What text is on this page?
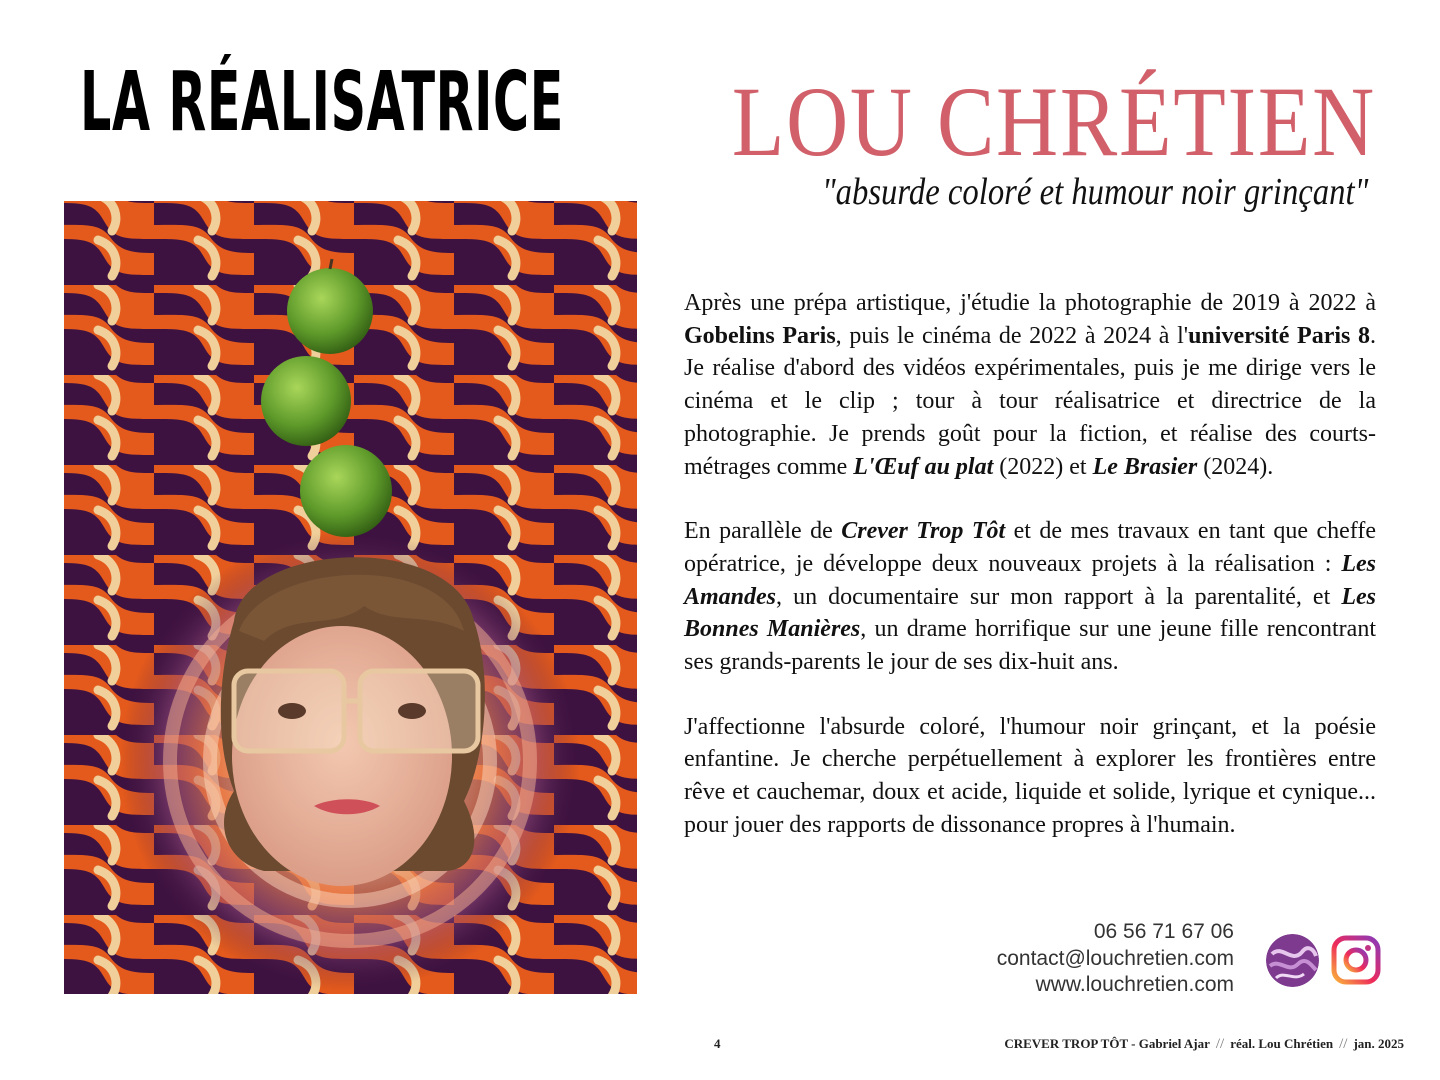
LA RÉALISATRICE LOU CHRÉTIEN
"absurde coloré et humour noir grinçant"

Après une prépa artistique, j'étudie la photographie de 2019 à 2022 à Gobelins Paris, puis le cinéma de 2022 à 2024 à l'université Paris 8. Je réalise d'abord des vidéos expérimentales, puis je me dirige vers le cinéma et le clip ; tour à tour réalisatrice et directrice de la photographie. Je prends goût pour la fiction, et réalise des courts-métrages comme L'Œuf au plat (2022) et Le Brasier (2024).

En parallèle de Crever Trop Tôt et de mes travaux en tant que cheffe opératrice, je développe deux nouveaux projets à la réalisation : Les Amandes, un documentaire sur mon rapport à la parentalité, et Les Bonnes Manières, un drame horrifique sur une jeune fille rencontrant ses grands-parents le jour de ses dix-huit ans.

J'affectionne l'absurde coloré, l'humour noir grinçant, et la poésie enfantine. Je cherche perpétuellement à explorer les frontières entre rêve et cauchemar, doux et acide, liquide et solide, lyrique et cynique... pour jouer des rapports de dissonance propres à l'humain.

06 56 71 67 06
contact@louchretien.com
www.louchretien.com
4	CREVER TROP TÔT - Gabriel Ajar // réal. Lou Chrétien // jan. 2025
